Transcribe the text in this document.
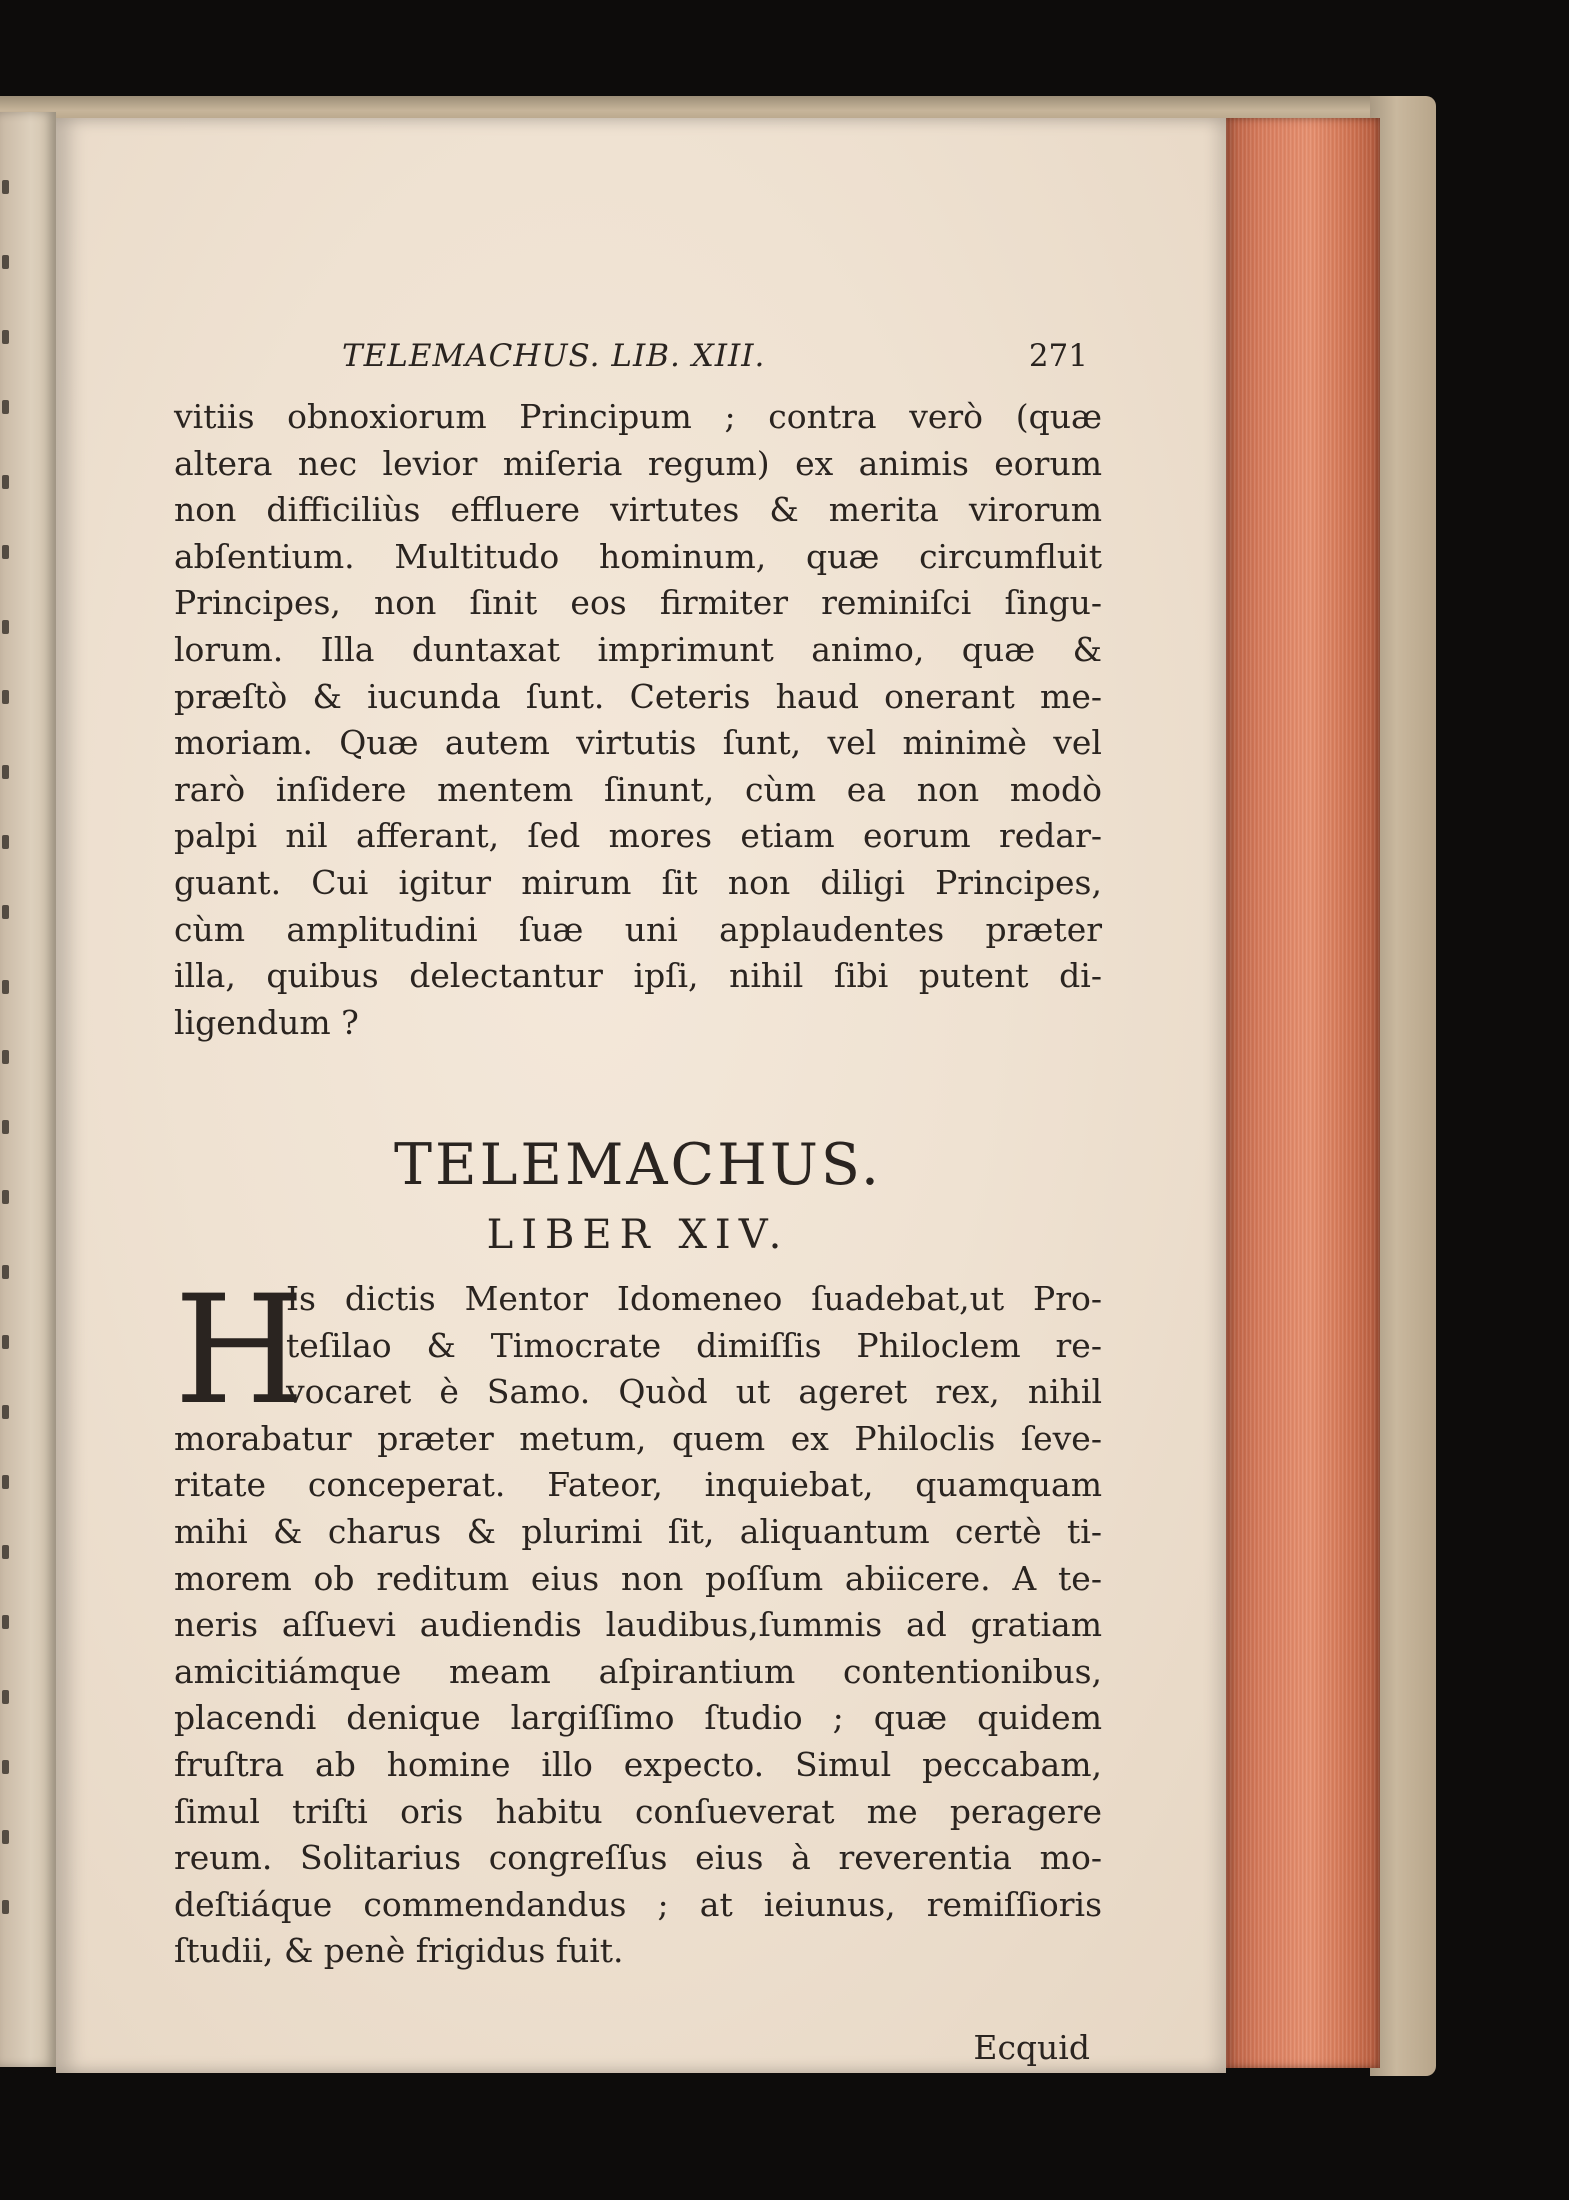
TELEMACHUS. LIB. XIII.	271
vitiis obnoxiorum Principum ; contra verò (quæ
altera nec levior miſeria regum) ex animis eorum
non difficiliùs effluere virtutes & merita virorum
abſentium. Multitudo hominum, quæ circumfluit
Principes, non ſinit eos firmiter reminiſci ſingu-
lorum. Illa duntaxat imprimunt animo, quæ &
præſtò & iucunda ſunt. Ceteris haud onerant me-
moriam. Quæ autem virtutis ſunt, vel minimè vel
rarò inſidere mentem ſinunt, cùm ea non modò
palpi nil afferant, ſed mores etiam eorum redar-
guant. Cui igitur mirum ſit non diligi Principes,
cùm amplitudini ſuæ uni applaudentes præter
illa, quibus delectantur ipſi, nihil ſibi putent di-
ligendum ?
TELEMACHUS.
LIBER XIV.
H
Is dictis Mentor Idomeneo ſuadebat,ut Pro-
teſilao & Timocrate dimiſſis Philoclem re-
vocaret è Samo. Quòd ut ageret rex, nihil
morabatur præter metum, quem ex Philoclis ſeve-
ritate conceperat. Fateor, inquiebat, quamquam
mihi & charus & plurimi ſit, aliquantum certè ti-
morem ob reditum eius non poſſum abiicere. A te-
neris aſſuevi audiendis laudibus,ſummis ad gratiam
amicitiámque meam aſpirantium contentionibus,
placendi denique largiſſimo ſtudio ; quæ quidem
fruſtra ab homine illo expecto. Simul peccabam,
ſimul triſti oris habitu conſueverat me peragere
reum. Solitarius congreſſus eius à reverentia mo-
deſtiáque commendandus ; at ieiunus, remiſſioris
ſtudii, & penè frigidus fuit.
Ecquid
